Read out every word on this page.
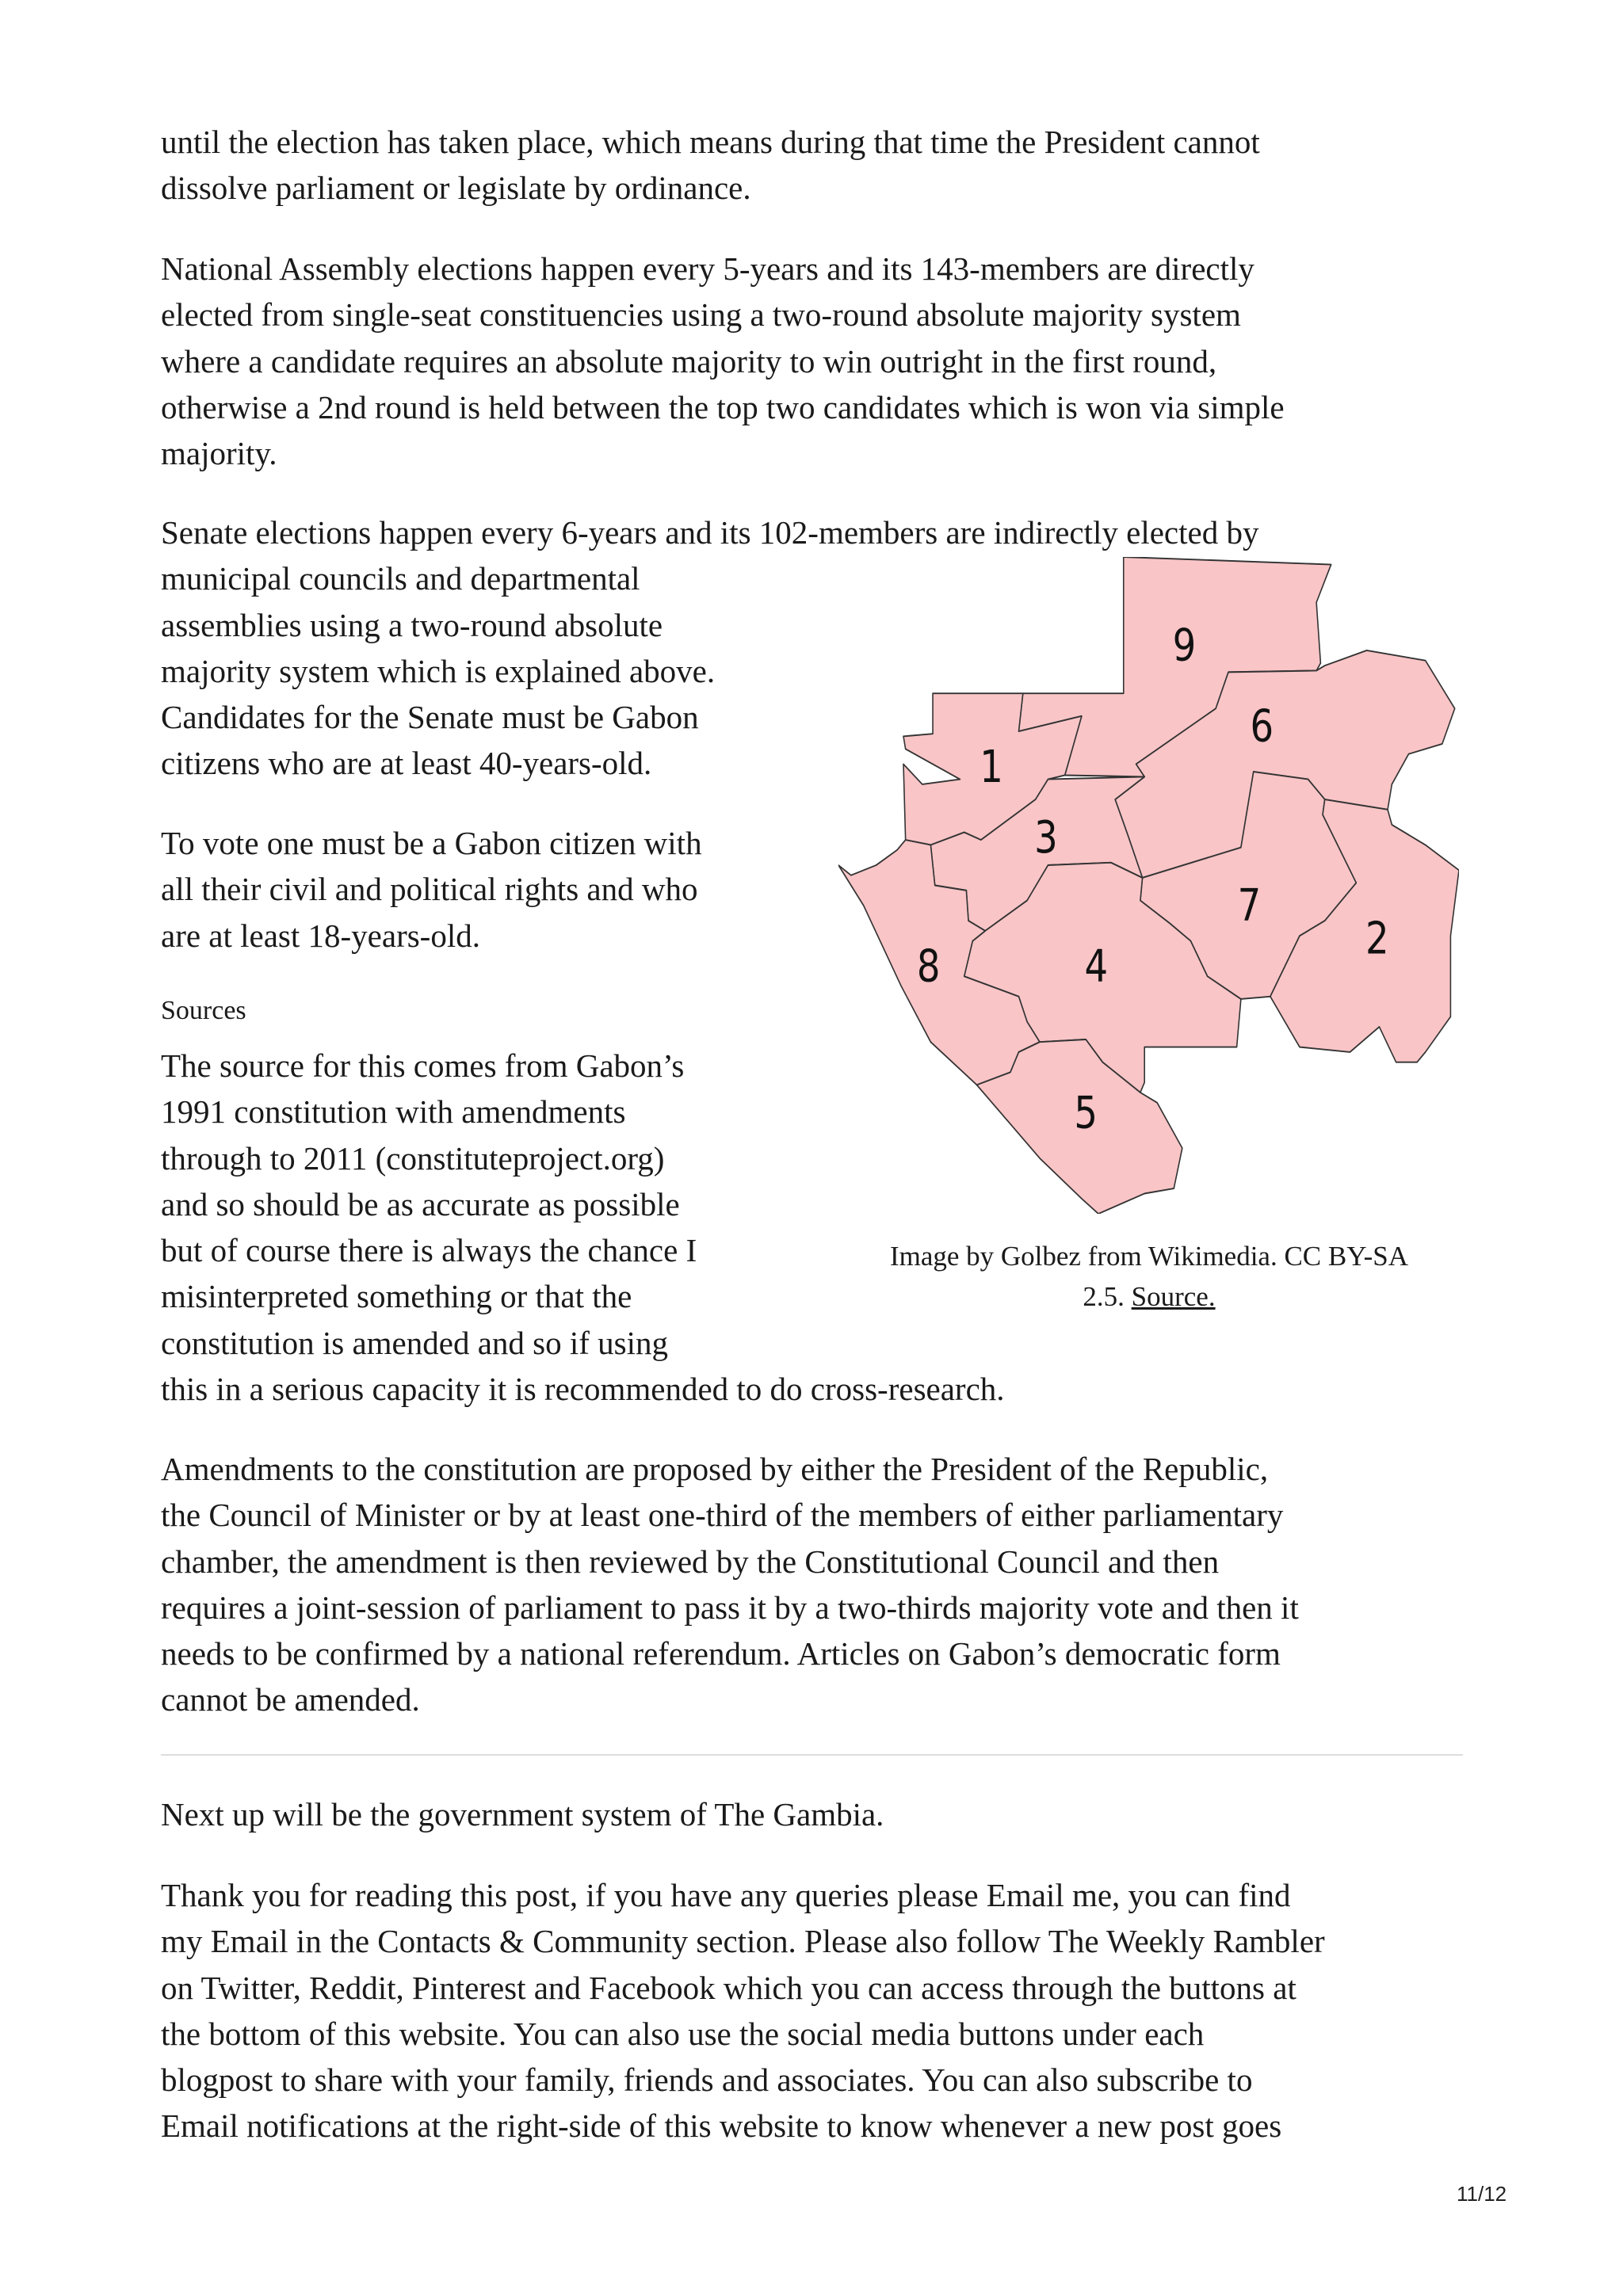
until the election has taken place, which means during that time the President cannot
dissolve parliament or legislate by ordinance.
National Assembly elections happen every 5-years and its 143-members are directly
elected from single-seat constituencies using a two-round absolute majority system
where a candidate requires an absolute majority to win outright in the first round,
otherwise a 2nd round is held between the top two candidates which is won via simple
majority.
Senate elections happen every 6-years and its 102-members are indirectly elected by
municipal councils and departmental
assemblies using a two-round absolute
majority system which is explained above.
Candidates for the Senate must be Gabon
citizens who are at least 40-years-old.
To vote one must be a Gabon citizen with
all their civil and political rights and who
are at least 18-years-old.
Sources
The source for this comes from Gabon’s
1991 constitution with amendments
through to 2011 (constituteproject.org)
and so should be as accurate as possible
but of course there is always the chance I
misinterpreted something or that the
constitution is amended and so if using
this in a serious capacity it is recommended to do cross-research.
1
2
3
4
5
6
7
8
9
Image by Golbez from Wikimedia. CC BY-SA
2.5. Source.
Amendments to the constitution are proposed by either the President of the Republic,
the Council of Minister or by at least one-third of the members of either parliamentary
chamber, the amendment is then reviewed by the Constitutional Council and then
requires a joint-session of parliament to pass it by a two-thirds majority vote and then it
needs to be confirmed by a national referendum. Articles on Gabon’s democratic form
cannot be amended.
Next up will be the government system of The Gambia.
Thank you for reading this post, if you have any queries please Email me, you can find
my Email in the Contacts & Community section. Please also follow The Weekly Rambler
on Twitter, Reddit, Pinterest and Facebook which you can access through the buttons at
the bottom of this website. You can also use the social media buttons under each
blogpost to share with your family, friends and associates. You can also subscribe to
Email notifications at the right-side of this website to know whenever a new post goes
11/12
